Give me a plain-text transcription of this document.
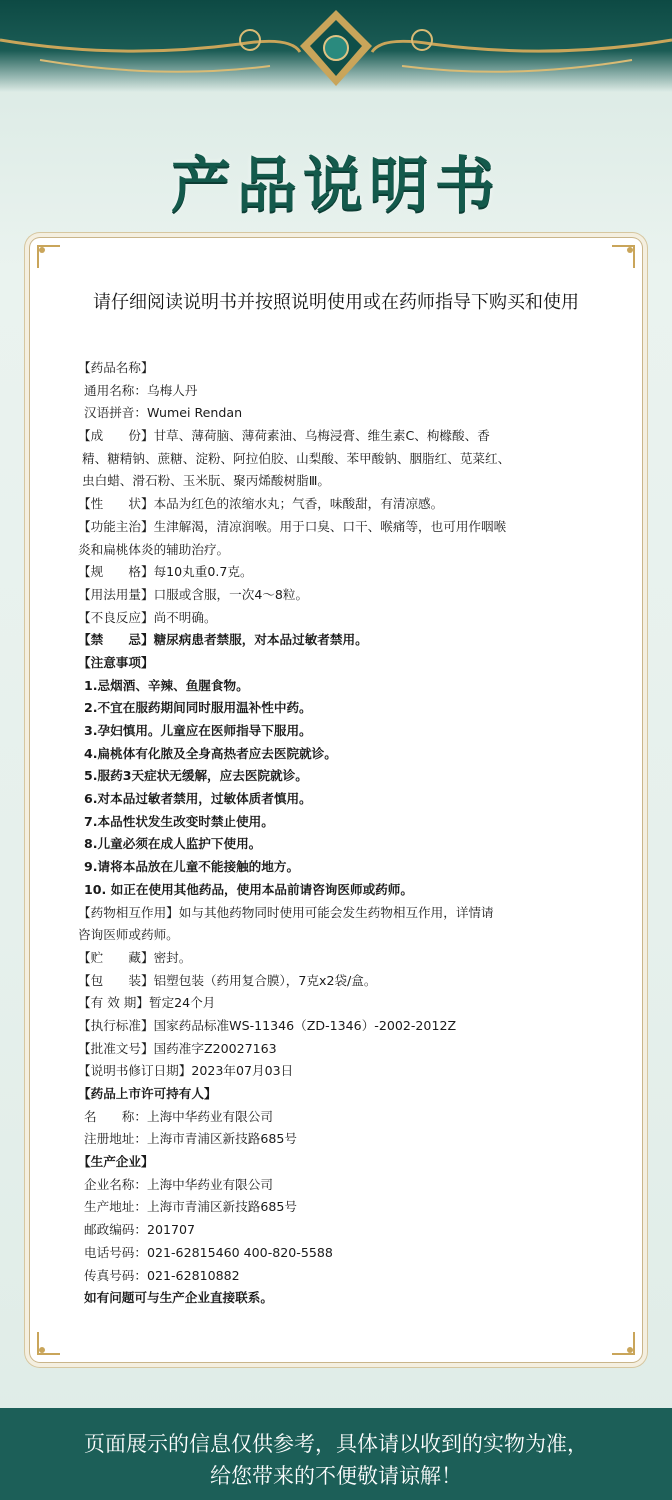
产品说明书
请仔细阅读说明书并按照说明使用或在药师指导下购买和使用
【药品名称】
通用名称：乌梅人丹
汉语拼音：Wumei Rendan
【成　　份】甘草、薄荷脑、薄荷素油、乌梅浸膏、维生素C、枸橼酸、香
精、糖精钠、蔗糖、淀粉、阿拉伯胶、山梨酸、苯甲酸钠、胭脂红、苋菜红、
虫白蜡、滑石粉、玉米朊、聚丙烯酸树脂Ⅲ。
【性　　状】本品为红色的浓缩水丸；气香，味酸甜，有清凉感。
【功能主治】生津解渴，清凉润喉。用于口臭、口干、喉痛等，也可用作咽喉
炎和扁桃体炎的辅助治疗。
【规　　格】每10丸重0.7克。
【用法用量】口服或含服，一次4～8粒。
【不良反应】尚不明确。
【禁　　忌】糖尿病患者禁服，对本品过敏者禁用。
【注意事项】
1.忌烟酒、辛辣、鱼腥食物。
2.不宜在服药期间同时服用温补性中药。
3.孕妇慎用。儿童应在医师指导下服用。
4.扁桃体有化脓及全身高热者应去医院就诊。
5.服药3天症状无缓解，应去医院就诊。
6.对本品过敏者禁用，过敏体质者慎用。
7.本品性状发生改变时禁止使用。
8.儿童必须在成人监护下使用。
9.请将本品放在儿童不能接触的地方。
10. 如正在使用其他药品，使用本品前请咨询医师或药师。
【药物相互作用】如与其他药物同时使用可能会发生药物相互作用，详情请
咨询医师或药师。
【贮　　藏】密封。
【包　　装】铝塑包装（药用复合膜），7克x2袋/盒。
【有 效 期】暂定24个月
【执行标准】国家药品标准WS-11346（ZD-1346）-2002-2012Z
【批准文号】国药准字Z20027163
【说明书修订日期】2023年07月03日
【药品上市许可持有人】
名　　称：上海中华药业有限公司
注册地址：上海市青浦区新技路685号
【生产企业】
企业名称：上海中华药业有限公司
生产地址：上海市青浦区新技路685号
邮政编码：201707
电话号码：021-62815460 400-820-5588
传真号码：021-62810882
如有问题可与生产企业直接联系。
页面展示的信息仅供参考，具体请以收到的实物为准，
给您带来的不便敬请谅解！
